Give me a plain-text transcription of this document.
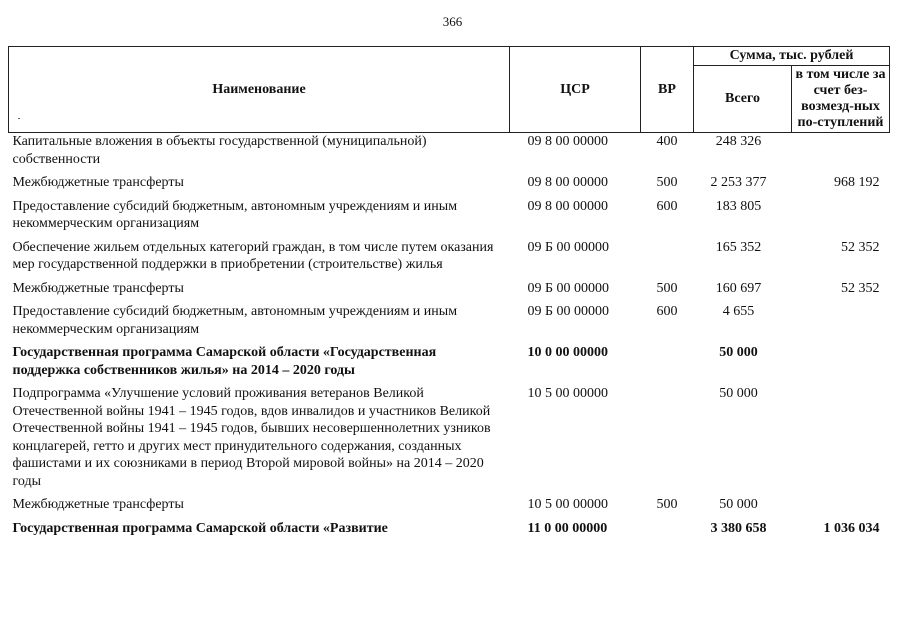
366
Наименование	ЦСР	ВР	Сумма, тыс. рублей	
			Всего	в том числе за счет без-возмезд-ных по-ступлений
Капитальные вложения в объекты государственной (муниципальной) собственности	09 8 00 00000	400	248 326	
Межбюджетные трансферты	09 8 00 00000	500	2 253 377	968 192
Предоставление субсидий бюджетным, автономным учреждениям и иным некоммерческим организациям	09 8 00 00000	600	183 805	
Обеспечение жильем отдельных категорий граждан, в том числе путем оказания мер государственной поддержки в приобретении (строительстве) жилья	09 Б 00 00000		165 352	52 352
Межбюджетные трансферты	09 Б 00 00000	500	160 697	52 352
Предоставление субсидий бюджетным, автономным учреждениям и иным некоммерческим организациям	09 Б 00 00000	600	4 655	
Государственная программа Самарской области «Государственная поддержка собственников жилья» на 2014 – 2020 годы	10 0 00 00000		50 000	
Подпрограмма «Улучшение условий проживания ветеранов Великой Отечественной войны 1941 – 1945 годов, вдов инвалидов и участников Великой Отечественной войны 1941 – 1945 годов, бывших несовершеннолетних узников концлагерей, гетто и других мест принудительного содержания, созданных фашистами и их союзниками в период Второй мировой войны» на 2014 – 2020 годы	10 5 00 00000		50 000	
Межбюджетные трансферты	10 5 00 00000	500	50 000	
Государственная программа Самарской области «Развитие	11 0 00 00000		3 380 658	1 036 034
